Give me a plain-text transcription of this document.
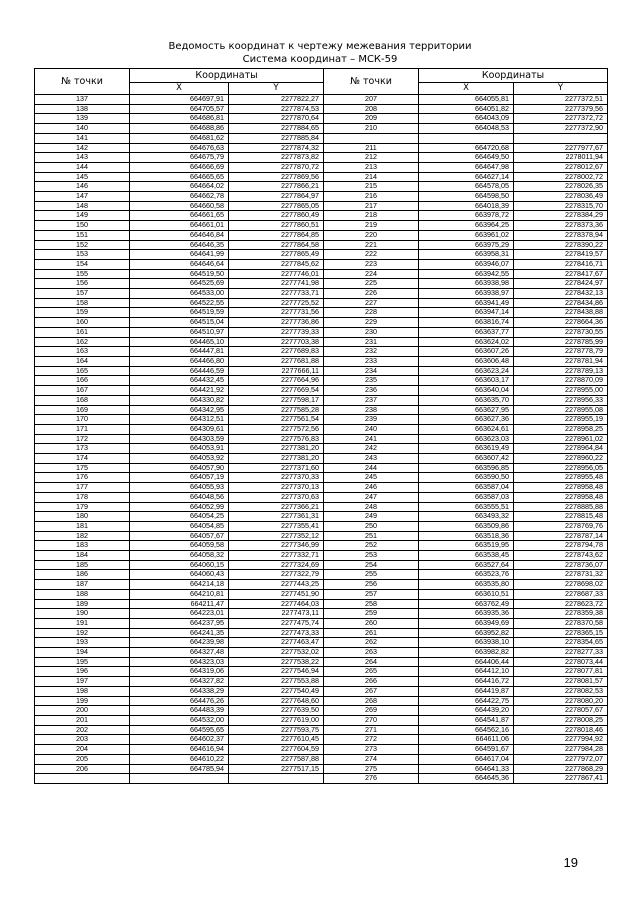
Ведомость координат к чертежу межевания территории
Система координат – МСК-59
№ точки	Координаты		№ точки	Координаты	
	X	Y		X	Y
137	664697,91	2277822,27	207	664055,81	2277372,51
138	664705,57	2277874,53	208	664051,82	2277379,56
139	664686,81	2277870,64	209	664043,09	2277372,72
140	664688,86	2277884,65	210	664048,53	2277372,90
141	664681,62	2277885,84			
142	664676,63	2277874,32	211	664720,68	2277977,67
143	664675,79	2277873,82	212	664649,50	2278011,94
144	664666,69	2277870,72	213	664647,98	2278012,67
145	664665,65	2277869,56	214	664627,14	2278002,72
146	664664,02	2277866,21	215	664578,05	2278026,35
147	664662,78	2277864,97	216	664598,50	2278036,49
148	664660,58	2277865,05	217	664018,39	2278315,70
149	664661,65	2277860,49	218	663978,72	2278384,29
150	664661,01	2277860,51	219	663964,25	2278373,36
151	664646,84	2277864,85	220	663961,02	2278378,94
152	664646,35	2277864,58	221	663975,29	2278390,22
153	664641,99	2277865,49	222	663958,31	2278419,57
154	664646,64	2277845,62	223	663946,07	2278416,71
155	664519,50	2277746,01	224	663942,55	2278417,67
156	664525,69	2277741,98	225	663938,98	2278424,97
157	664533,00	2277733,71	226	663938,97	2278432,13
158	664522,55	2277725,52	227	663941,49	2278434,86
159	664519,59	2277731,56	228	663947,14	2278438,88
160	664515,04	2277736,86	229	663816,74	2278664,36
161	664510,97	2277739,33	230	663637,77	2278730,55
162	664465,10	2277703,38	231	663624,02	2278785,99
163	664447,81	2277689,83	232	663607,26	2278778,79
164	664466,80	2277681,88	233	663606,48	2278781,94
165	664446,59	2277666,11	234	663623,24	2278789,13
166	664432,45	2277664,96	235	663603,17	2278870,09
167	664421,92	2277669,54	236	663640,04	2278955,00
168	664330,82	2277598,17	237	663635,70	2278956,33
169	664342,95	2277585,28	238	663627,95	2278955,08
170	664312,51	2277561,54	239	663627,36	2278955,19
171	664309,61	2277572,56	240	663624,61	2278958,25
172	664303,59	2277576,83	241	663623,03	2278961,02
173	664053,91	2277381,20	242	663619,49	2278964,84
174	664053,92	2277381,20	243	663607,42	2278960,22
175	664057,90	2277371,60	244	663596,85	2278956,05
176	664057,19	2277370,33	245	663590,50	2278955,48
177	664055,93	2277370,13	246	663587,04	2278958,48
178	664048,56	2277370,63	247	663587,03	2278958,48
179	664052,99	2277366,21	248	663555,51	2278885,88
180	664054,25	2277361,31	249	663493,32	2278815,48
181	664054,85	2277355,41	250	663509,86	2278769,76
182	664057,67	2277352,12	251	663518,36	2278787,14
183	664059,58	2277346,99	252	663519,95	2278794,78
184	664058,32	2277332,71	253	663538,45	2278743,62
185	664060,15	2277324,69	254	663527,64	2278736,07
186	664060,43	2277322,79	255	663523,76	2278731,32
187	664214,18	2277443,25	256	663535,80	2278698,02
188	664210,81	2277451,90	257	663610,51	2278687,33
189	664211,47	2277464,03	258	663762,49	2278623,72
190	664223,01	2277473,11	259	663935,36	2278359,38
191	664237,95	2277475,74	260	663949,69	2278370,58
192	664241,35	2277473,33	261	663952,82	2278365,15
193	664239,98	2277463,47	262	663938,10	2278354,65
194	664327,48	2277532,02	263	663982,82	2278277,33
195	664323,03	2277538,22	264	664406,44	2278073,44
196	664319,06	2277546,94	265	664412,10	2278077,81
197	664327,82	2277553,88	266	664416,72	2278081,57
198	664338,29	2277540,49	267	664419,87	2278082,53
199	664476,26	2277648,60	268	664422,75	2278080,20
200	664483,39	2277639,50	269	664439,20	2278057,67
201	664532,00	2277619,00	270	664541,87	2278008,25
202	664595,65	2277593,75	271	664562,16	2278018,46
203	664602,37	2277610,45	272	664611,06	2277994,92
204	664616,94	2277604,59	273	664591,67	2277984,28
205	664610,22	2277587,88	274	664617,04	2277972,07
206	664785,94	2277517,15	275	664641,33	2277868,29
			276	664645,36	2277867,41
19
